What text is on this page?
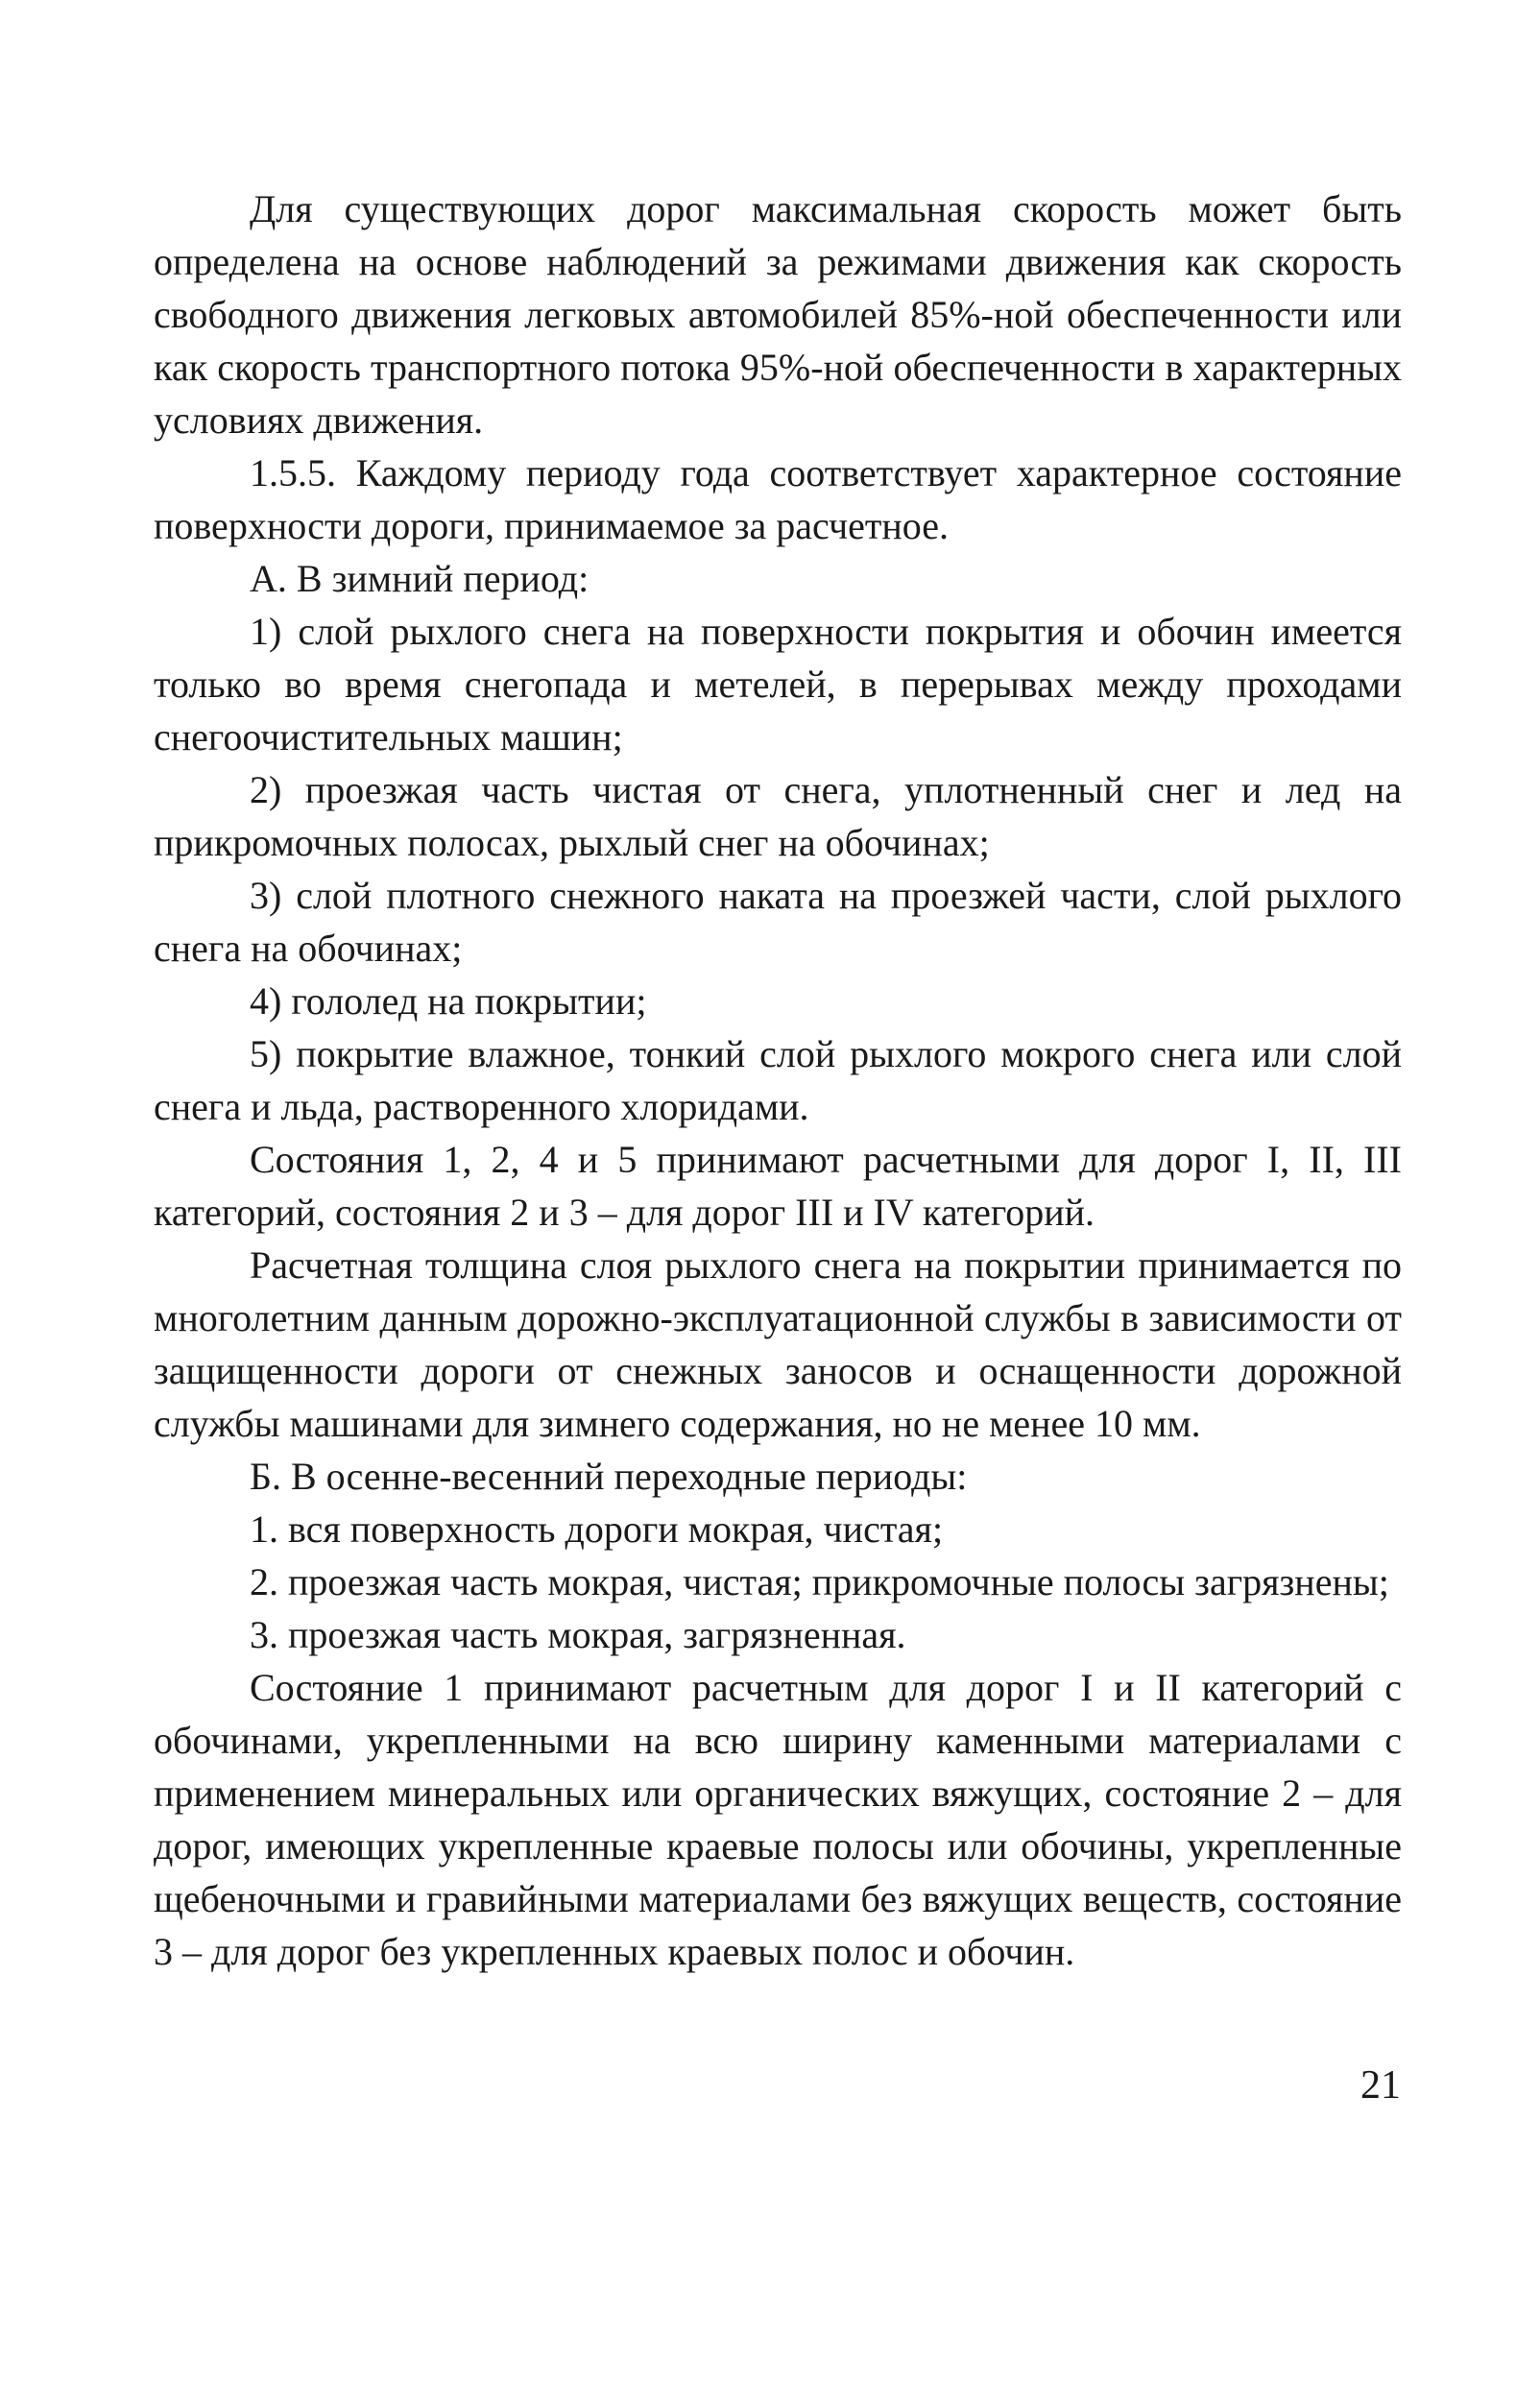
Для существующих дорог максимальная скорость может быть определена на основе наблюдений за режимами движения как скорость свободного движения легковых автомобилей 85%-ной обеспеченности или как скорость транспортного потока 95%-ной обеспеченности в характерных условиях движения.

1.5.5. Каждому периоду года соответствует характерное состояние поверхности дороги, принимаемое за расчетное.

А. В зимний период:

1) слой рыхлого снега на поверхности покрытия и обочин имеется только во время снегопада и метелей, в перерывах между проходами снегоочистительных машин;

2) проезжая часть чистая от снега, уплотненный снег и лед на прикромочных полосах, рыхлый снег на обочинах;

3) слой плотного снежного наката на проезжей части, слой рыхлого снега на обочинах;

4) гололед на покрытии;

5) покрытие влажное, тонкий слой рыхлого мокрого снега или слой снега и льда, растворенного хлоридами.

Состояния 1, 2, 4 и 5 принимают расчетными для дорог I, II, III категорий, состояния 2 и 3 – для дорог III и IV категорий.

Расчетная толщина слоя рыхлого снега на покрытии принимается по многолетним данным дорожно-эксплуатационной службы в зависимости от защищенности дороги от снежных заносов и оснащенности дорожной службы машинами для зимнего содержания, но не менее 10 мм.

Б. В осенне-весенний переходные периоды:

1. вся поверхность дороги мокрая, чистая;

2. проезжая часть мокрая, чистая; прикромочные полосы загрязнены;

3. проезжая часть мокрая, загрязненная.

Состояние 1 принимают расчетным для дорог I и II категорий с обочинами, укрепленными на всю ширину каменными материалами с применением минеральных или органических вяжущих, состояние 2 – для дорог, имеющих укрепленные краевые полосы или обочины, укрепленные щебеночными и гравийными материалами без вяжущих веществ, состояние 3 – для дорог без укрепленных краевых полос и обочин.

21
